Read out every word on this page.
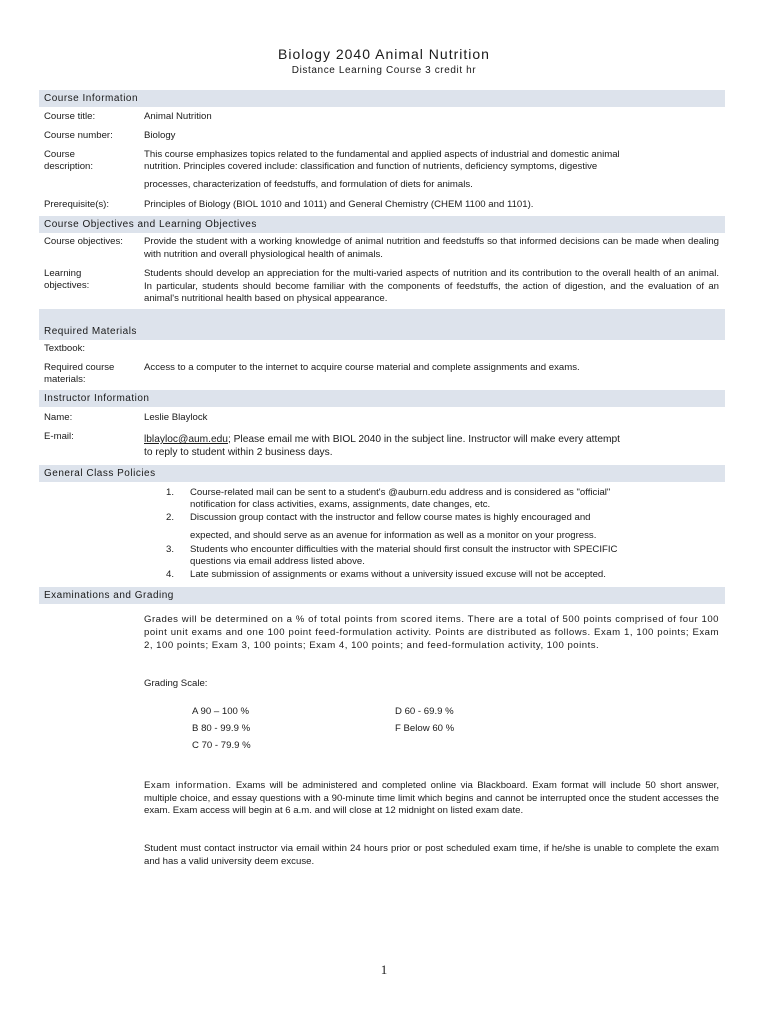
Biology 2040 Animal Nutrition
Distance Learning Course 3 credit hr
Course Information
Course title:	Animal Nutrition
Course number:	Biology
Course
description:
This course emphasizes topics related to the fundamental and applied aspects of industrial and domestic animal
nutrition. Principles covered include: classification and function of nutrients, deficiency symptoms, digestive
processes, characterization of feedstuffs, and formulation of diets for animals.
Prerequisite(s):	Principles of Biology (BIOL 1010 and 1011) and General Chemistry (CHEM 1100 and 1101).
Course Objectives and Learning Objectives
Course objectives: Provide the student with a working knowledge of animal nutrition and feedstuffs so that informed decisions can be made when dealing with nutrition and overall physiological health of animals.
Learning
objectives:
Students should develop an appreciation for the multi-varied aspects of nutrition and its contribution to the overall health of an animal. In particular, students should become familiar with the components of feedstuffs, the action of digestion, and the evaluation of an animal's nutritional health based on physical appearance.
Required Materials
Textbook:
Required course
materials:
Access to a computer to the internet to acquire course material and complete assignments and exams.
Instructor Information
Name:	Leslie Blaylock
E-mail:	lblayloc@aum.edu; Please email me with BIOL 2040 in the subject line. Instructor will make every attempt
to reply to student within 2 business days.
General Class Policies
1. Course-related mail can be sent to a student's @auburn.edu address and is considered as "official"
notification for class activities, exams, assignments, date changes, etc.
2. Discussion group contact with the instructor and fellow course mates is highly encouraged and
expected, and should serve as an avenue for information as well as a monitor on your progress.
3. Students who encounter difficulties with the material should first consult the instructor with SPECIFIC
questions via email address listed above.
4. Late submission of assignments or exams without a university issued excuse will not be accepted.
Examinations and Grading
Grades will be determined on a % of total points from scored items. There are a total of 500 points comprised of four 100 point unit exams and one 100 point feed-formulation activity. Points are distributed as follows. Exam 1, 100 points; Exam 2, 100 points; Exam 3, 100 points; Exam 4, 100 points; and feed-formulation activity, 100 points.
Grading Scale:
A 90 – 100 %
B 80 - 99.9 %
C 70 - 79.9 %
D 60 - 69.9 %
F Below 60 %
Exam information. Exams will be administered and completed online via Blackboard. Exam format will include 50 short answer, multiple choice, and essay questions with a 90-minute time limit which begins and cannot be interrupted once the student accesses the exam. Exam access will begin at 6 a.m. and will close at 12 midnight on listed exam date.
Student must contact instructor via email within 24 hours prior or post scheduled exam time, if he/she is unable to complete the exam and has a valid university deem excuse.
1
